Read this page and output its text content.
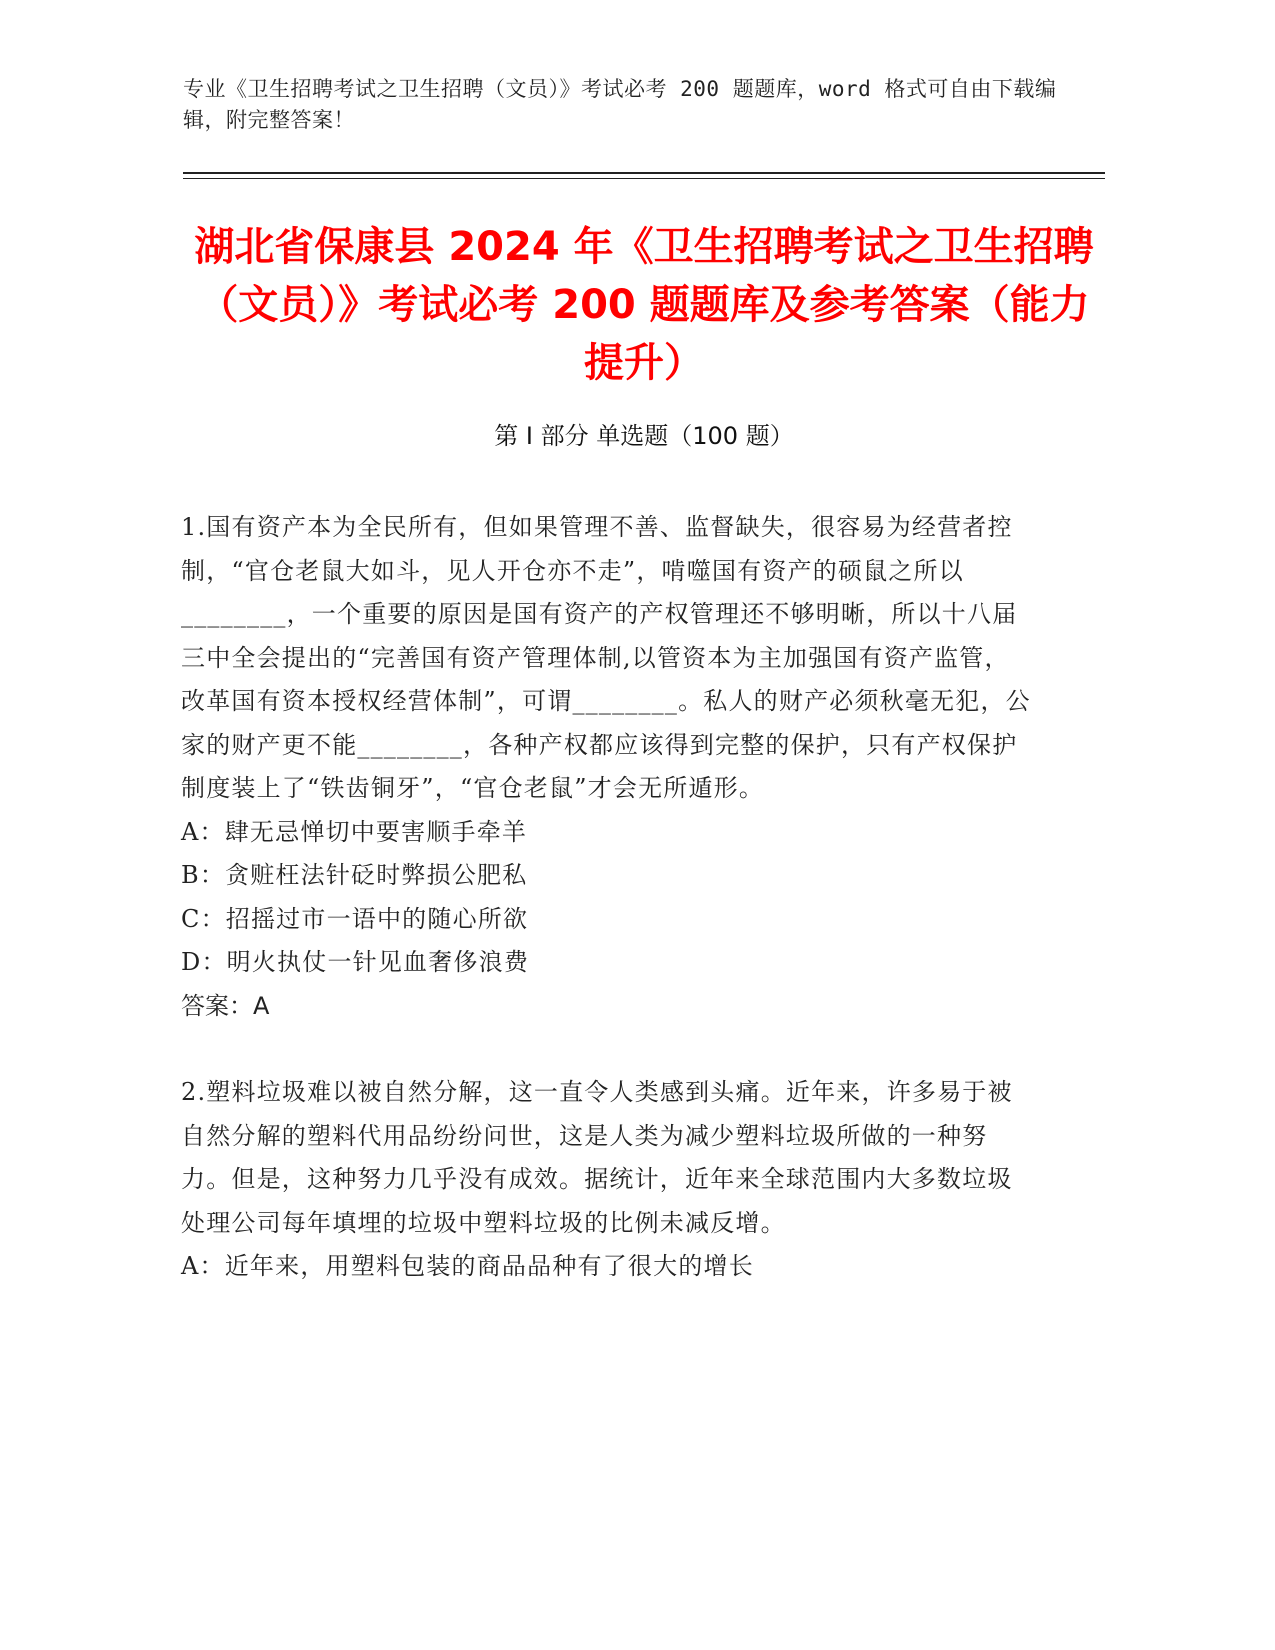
专业《卫生招聘考试之卫生招聘（文员）》考试必考 200 题题库，word 格式可自由下载编辑，附完整答案！
湖北省保康县 2024 年《卫生招聘考试之卫生招聘（文员）》考试必考 200 题题库及参考答案（能力提升）
第 I 部分 单选题（100 题）

1.国有资产本为全民所有，但如果管理不善、监督缺失，很容易为经营者控制，“官仓老鼠大如斗，见人开仓亦不走”，啃噬国有资产的硕鼠之所以________，一个重要的原因是国有资产的产权管理还不够明晰，所以十八届三中全会提出的“完善国有资产管理体制,以管资本为主加强国有资产监管，改革国有资本授权经营体制”，可谓________。私人的财产必须秋毫无犯，公家的财产更不能________，各种产权都应该得到完整的保护，只有产权保护制度装上了“铁齿铜牙”，“官仓老鼠”才会无所遁形。

A：肆无忌惮切中要害顺手牵羊

B：贪赃枉法针砭时弊损公肥私

C：招摇过市一语中的随心所欲

D：明火执仗一针见血奢侈浪费

答案：A

2.塑料垃圾难以被自然分解，这一直令人类感到头痛。近年来，许多易于被自然分解的塑料代用品纷纷问世，这是人类为减少塑料垃圾所做的一种努力。但是，这种努力几乎没有成效。据统计，近年来全球范围内大多数垃圾处理公司每年填埋的垃圾中塑料垃圾的比例未减反增。

A：近年来，用塑料包装的商品品种有了很大的增长
